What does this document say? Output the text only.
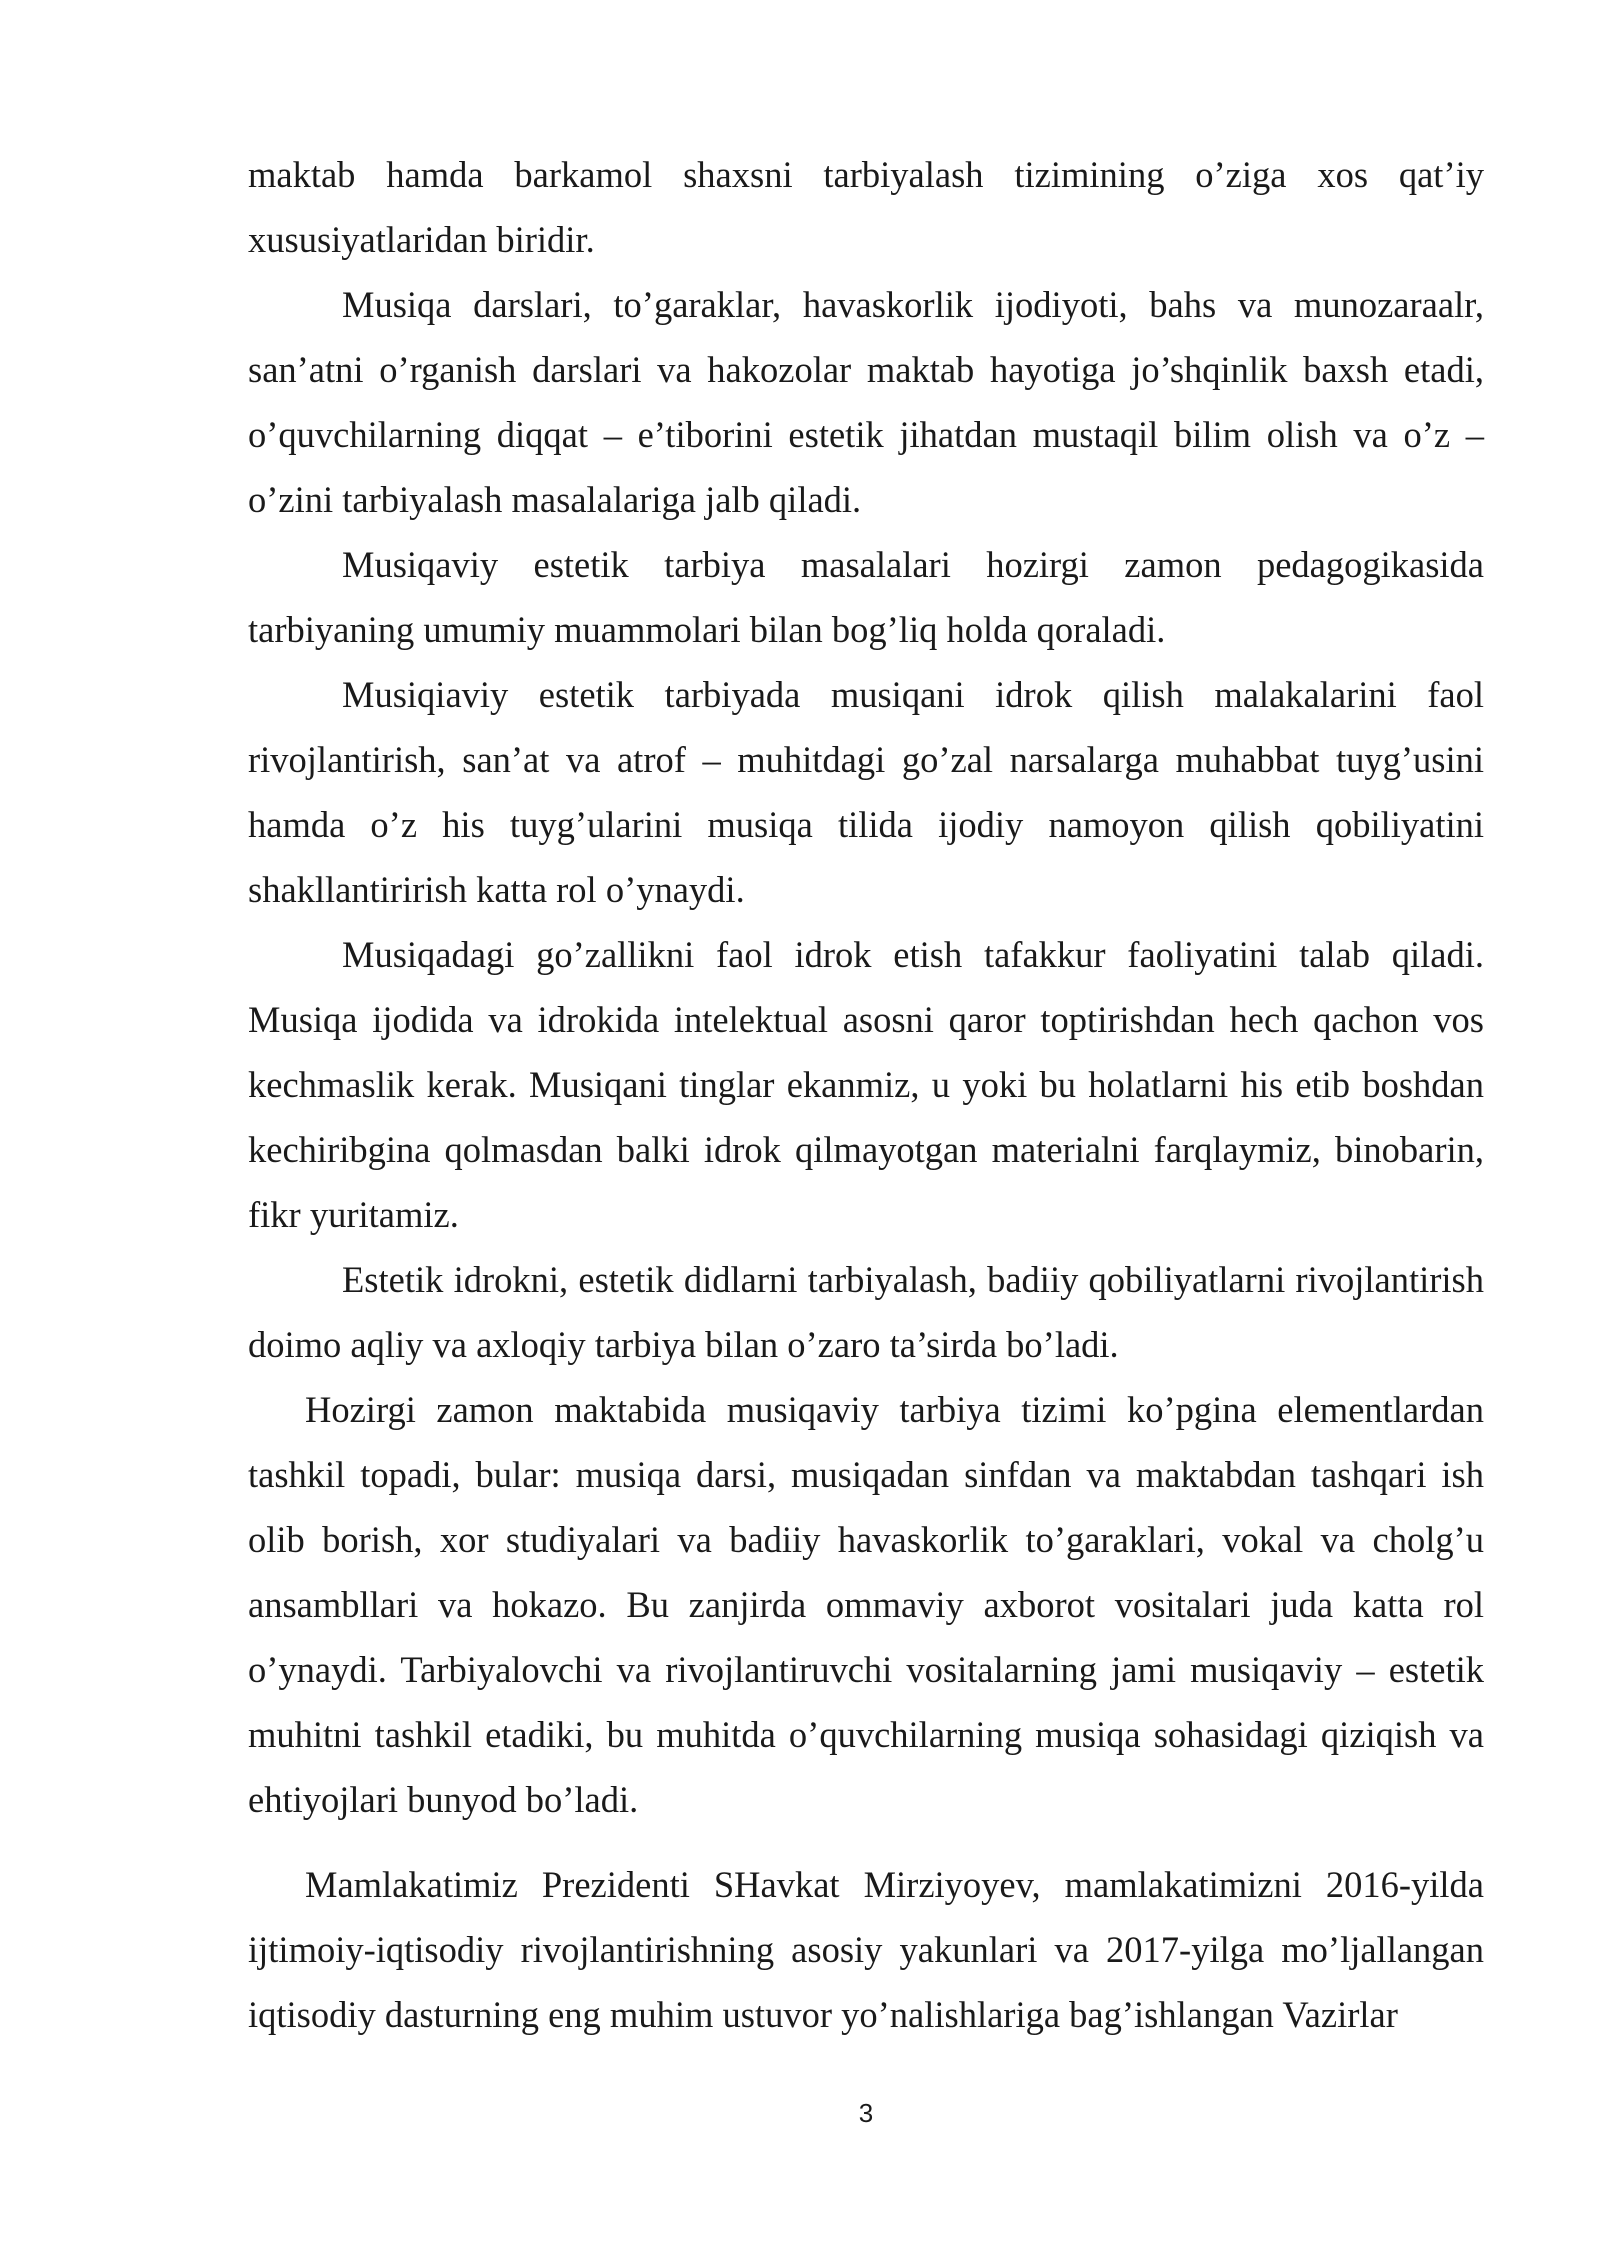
maktab hamda barkamol shaxsni tarbiyalash tizimining o’ziga xos qat’iy xususiyatlaridan biridir.

Musiqa darslari, to’garaklar, havaskorlik ijodiyoti, bahs va munozaraalr, san’atni o’rganish darslari va hakozolar maktab hayotiga jo’shqinlik baxsh etadi, o’quvchilarning diqqat – e’tiborini estetik jihatdan mustaqil bilim olish va o’z – o’zini tarbiyalash masalalariga jalb qiladi.

Musiqaviy estetik tarbiya masalalari hozirgi zamon pedagogikasida tarbiyaning umumiy muammolari bilan bog’liq holda qoraladi.

Musiqiaviy estetik tarbiyada musiqani idrok qilish malakalarini faol rivojlantirish, san’at va atrof – muhitdagi go’zal narsalarga muhabbat tuyg’usini hamda o’z his tuyg’ularini musiqa tilida ijodiy namoyon qilish qobiliyatini shakllantirirish katta rol o’ynaydi.

Musiqadagi go’zallikni faol idrok etish tafakkur faoliyatini talab qiladi. Musiqa ijodida va idrokida intelektual asosni qaror toptirishdan hech qachon vos kechmaslik kerak. Musiqani tinglar ekanmiz, u yoki bu holatlarni his etib boshdan kechiribgina qolmasdan balki idrok qilmayotgan materialni farqlaymiz, binobarin, fikr yuritamiz.

Estetik idrokni, estetik didlarni tarbiyalash, badiiy qobiliyatlarni rivojlantirish doimo aqliy va axloqiy tarbiya bilan o’zaro ta’sirda bo’ladi.

Hozirgi zamon maktabida musiqaviy tarbiya tizimi ko’pgina elementlardan tashkil topadi, bular: musiqa darsi, musiqadan sinfdan va maktabdan tashqari ish olib borish, xor studiyalari va badiiy havaskorlik to’garaklari, vokal va cholg’u ansambllari va hokazo. Bu zanjirda ommaviy axborot vositalari juda katta rol o’ynaydi. Tarbiyalovchi va rivojlantiruvchi vositalarning jami musiqaviy – estetik muhitni tashkil etadiki, bu muhitda o’quvchilarning musiqa sohasidagi qiziqish va ehtiyojlari bunyod bo’ladi.

Mamlakatimiz Prezidenti SHavkat Mirziyoyev, mamlakatimizni 2016-yilda ijtimoiy-iqtisodiy rivojlantirishning asosiy yakunlari va 2017-yilga mo’ljallangan iqtisodiy dasturning eng muhim ustuvor yo’nalishlariga bag’ishlangan Vazirlar

3
